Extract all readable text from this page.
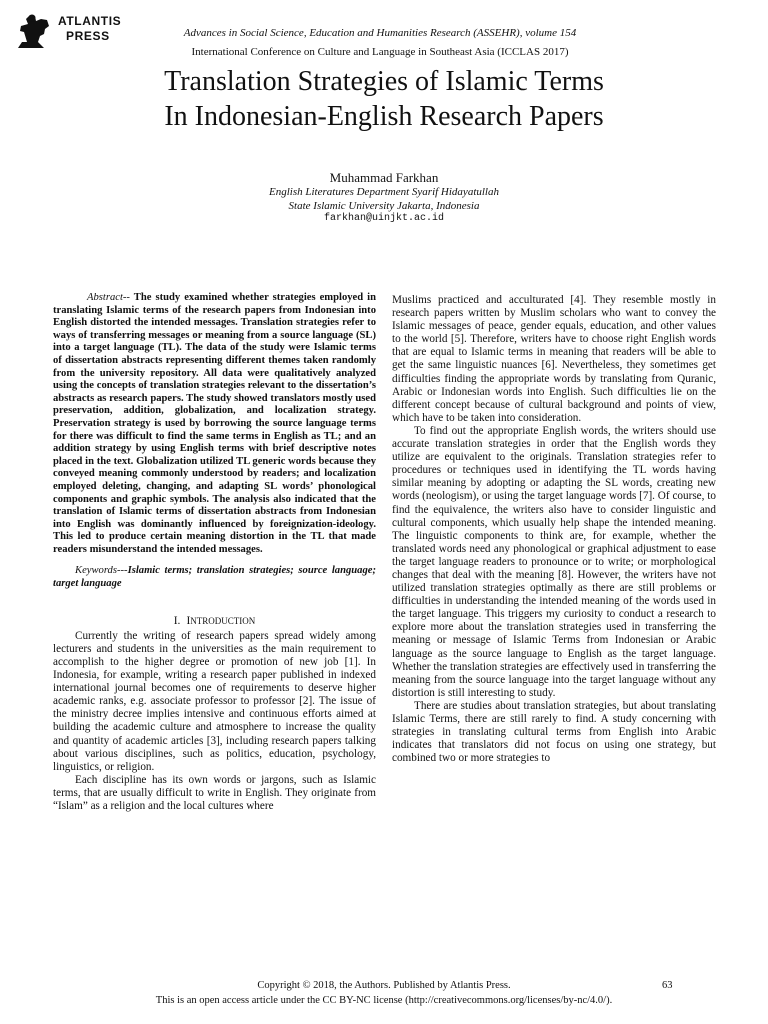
ATLANTIS
PRESS	Advances in Social Science, Education and Humanities Research (ASSEHR), volume 154
International Conference on Culture and Language in Southeast Asia (ICCLAS 2017)
Translation Strategies of Islamic Terms
In Indonesian-English Research Papers
Muhammad Farkhan
English Literatures Department Syarif Hidayatullah
State Islamic University Jakarta, Indonesia
farkhan@uinjkt.ac.id

Abstract-- The study examined whether strategies employed in translating Islamic terms of the research papers from Indonesian into English distorted the intended messages. Translation strategies refer to ways of transferring messages or meaning from a source language (SL) into a target language (TL). The data of the study were Islamic terms of dissertation abstracts representing different themes taken randomly from the university repository. All data were qualitatively analyzed using the concepts of translation strategies relevant to the dissertation’s abstracts as research papers. The study showed translators mostly used preservation, addition, globalization, and localization strategy. Preservation strategy is used by borrowing the source language terms for there was difficult to find the same terms in English as TL; and an addition strategy by using English terms with brief descriptive notes placed in the text. Globalization utilized TL generic words because they conveyed meaning commonly understood by readers; and localization employed deleting, changing, and adapting SL words’ phonological components and graphic symbols. The analysis also indicated that the translation of Islamic terms of dissertation abstracts from Indonesian into English was dominantly influenced by foreignization-ideology. This led to produce certain meaning distortion in the TL that made readers misunderstand the intended messages.

Keywords---Islamic terms; translation strategies; source language; target language

I. INTRODUCTION

Currently the writing of research papers spread widely among lecturers and students in the universities as the main requirement to accomplish to the higher degree or promotion of new job [1]. In Indonesia, for example, writing a research paper published in indexed international journal becomes one of requirements to deserve higher academic ranks, e.g. associate professor to professor [2]. The issue of the ministry decree implies intensive and continuous efforts aimed at building the academic culture and atmosphere to increase the quality and quantity of academic articles [3], including research papers talking about various disciplines, such as politics, education, psychology, linguistics, or religion.

Each discipline has its own words or jargons, such as Islamic terms, that are usually difficult to write in English. They originate from “Islam” as a religion and the local cultures where

Muslims practiced and acculturated [4]. They resemble mostly in research papers written by Muslim scholars who want to convey the Islamic messages of peace, gender equals, education, and other values to the world [5]. Therefore, writers have to choose right English words that are equal to Islamic terms in meaning that readers will be able to get the same linguistic nuances [6]. Nevertheless, they sometimes get difficulties finding the appropriate words by translating from Quranic, Arabic or Indonesian words into English. Such difficulties lie on the different concept because of cultural background and points of view, which have to be taken into consideration.

To find out the appropriate English words, the writers should use accurate translation strategies in order that the English words they utilize are equivalent to the originals. Translation strategies refer to procedures or techniques used in identifying the TL words having similar meaning by adopting or adapting the SL words, creating new words (neologism), or using the target language words [7]. Of course, to find the equivalence, the writers also have to consider linguistic and cultural components, which usually help shape the intended meaning. The linguistic components to think are, for example, whether the translated words need any phonological or graphical adjustment to ease the target language readers to pronounce or to write; or morphological changes that deal with the meaning [8]. However, the writers have not utilized translation strategies optimally as there are still problems or difficulties in understanding the intended meaning of the words used in the target language. This triggers my curiosity to conduct a research to explore more about the translation strategies used in transferring the meaning or message of Islamic Terms from Indonesian or Arabic language as the source language to English as the target language. Whether the translation strategies are effectively used in transferring the meaning from the source language into the target language without any distortion is still interesting to study.

There are studies about translation strategies, but about translating Islamic Terms, there are still rarely to find. A study concerning with strategies in translating cultural terms from English into Arabic indicates that translators did not focus on using one strategy, but combined two or more strategies to

Copyright © 2018, the Authors. Published by Atlantis Press.	63
This is an open access article under the CC BY-NC license (http://creativecommons.org/licenses/by-nc/4.0/).
